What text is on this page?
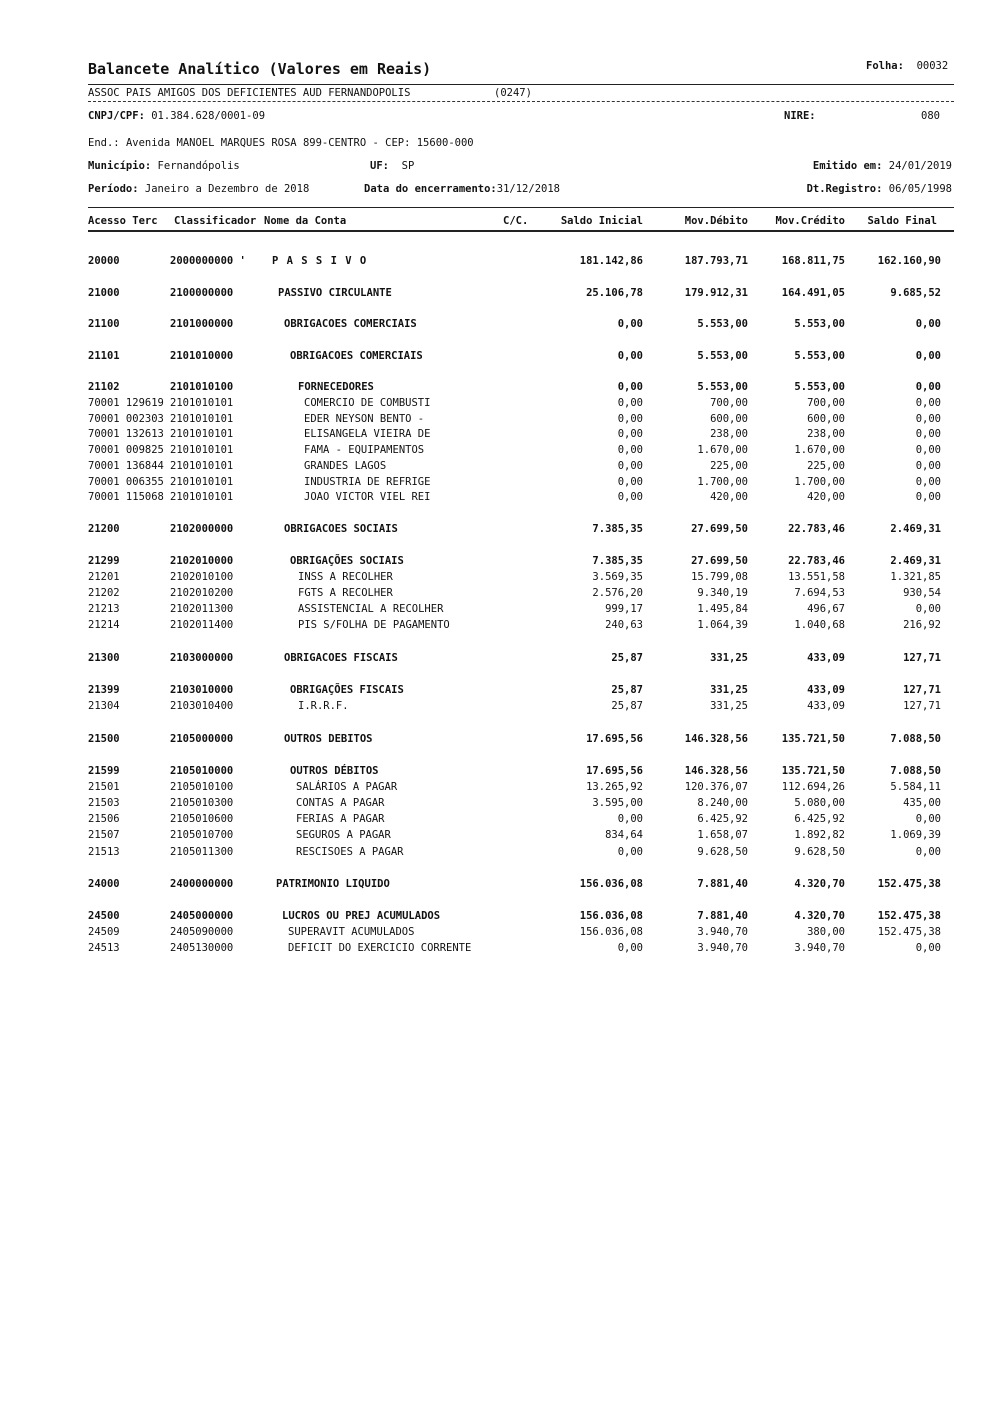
Balancete Analítico (Valores em Reais)	Folha: 00032
ASSOC PAIS AMIGOS DOS DEFICIENTES AUD FERNANDOPOLIS	(0247)
CNPJ/CPF: 01.384.628/0001-09	NIRE:	080
End.: Avenida MANOEL MARQUES ROSA 899-CENTRO - CEP: 15600-000
Município: Fernandópolis	UF: SP	Emitido em: 24/01/2019
Período: Janeiro a Dezembro de 2018	Data do encerramento:31/12/2018	Dt.Registro: 06/05/1998
Acesso Terc Classificador Nome da Conta	C/C.	Saldo Inicial	Mov.Débito	Mov.Crédito Saldo Final
20000	2000000000 ' P A S S I V O	181.142,86	187.793,71	168.811,75	162.160,90
21000	2100000000	PASSIVO CIRCULANTE	25.106,78	179.912,31	164.491,05	9.685,52
21100	2101000000	OBRIGACOES COMERCIAIS	0,00	5.553,00	5.553,00	0,00
21101	2101010000	OBRIGACOES COMERCIAIS	0,00	5.553,00	5.553,00	0,00
21102	2101010100	FORNECEDORES	0,00	5.553,00	5.553,00	0,00
70001 129619 2101010101	COMERCIO DE COMBUSTI	0,00	700,00	700,00	0,00
70001 002303 2101010101	EDER NEYSON BENTO -	0,00	600,00	600,00	0,00
70001 132613 2101010101	ELISANGELA VIEIRA DE	0,00	238,00	238,00	0,00
70001 009825 2101010101	FAMA - EQUIPAMENTOS	0,00	1.670,00	1.670,00	0,00
70001 136844 2101010101	GRANDES LAGOS	0,00	225,00	225,00	0,00
70001 006355 2101010101	INDUSTRIA DE REFRIGE	0,00	1.700,00	1.700,00	0,00
70001 115068 2101010101	JOAO VICTOR VIEL REI	0,00	420,00	420,00	0,00
21200	2102000000	OBRIGACOES SOCIAIS	7.385,35	27.699,50	22.783,46	2.469,31
21299	2102010000	OBRIGAÇÕES SOCIAIS	7.385,35	27.699,50	22.783,46	2.469,31
21201	2102010100	INSS A RECOLHER	3.569,35	15.799,08	13.551,58	1.321,85
21202	2102010200	FGTS A RECOLHER	2.576,20	9.340,19	7.694,53	930,54
21213	2102011300	ASSISTENCIAL A RECOLHER	999,17	1.495,84	496,67	0,00
21214	2102011400	PIS S/FOLHA DE PAGAMENTO	240,63	1.064,39	1.040,68	216,92
21300	2103000000	OBRIGACOES FISCAIS	25,87	331,25	433,09	127,71
21399	2103010000	OBRIGAÇÕES FISCAIS	25,87	331,25	433,09	127,71
21304	2103010400	I.R.R.F.	25,87	331,25	433,09	127,71
21500	2105000000	OUTROS DEBITOS	17.695,56	146.328,56	135.721,50	7.088,50
21599	2105010000	OUTROS DÉBITOS	17.695,56	146.328,56	135.721,50	7.088,50
21501	2105010100	SALÁRIOS A PAGAR	13.265,92	120.376,07	112.694,26	5.584,11
21503	2105010300	CONTAS A PAGAR	3.595,00	8.240,00	5.080,00	435,00
21506	2105010600	FERIAS A PAGAR	0,00	6.425,92	6.425,92	0,00
21507	2105010700	SEGUROS A PAGAR	834,64	1.658,07	1.892,82	1.069,39
21513	2105011300	RESCISOES A PAGAR	0,00	9.628,50	9.628,50	0,00
24000	2400000000	PATRIMONIO LIQUIDO	156.036,08	7.881,40	4.320,70	152.475,38
24500	2405000000	LUCROS OU PREJ ACUMULADOS	156.036,08	7.881,40	4.320,70	152.475,38
24509	2405090000	SUPERAVIT ACUMULADOS	156.036,08	3.940,70	380,00	152.475,38
24513	2405130000	DEFICIT DO EXERCICIO CORRENTE	0,00	3.940,70	3.940,70	0,00
